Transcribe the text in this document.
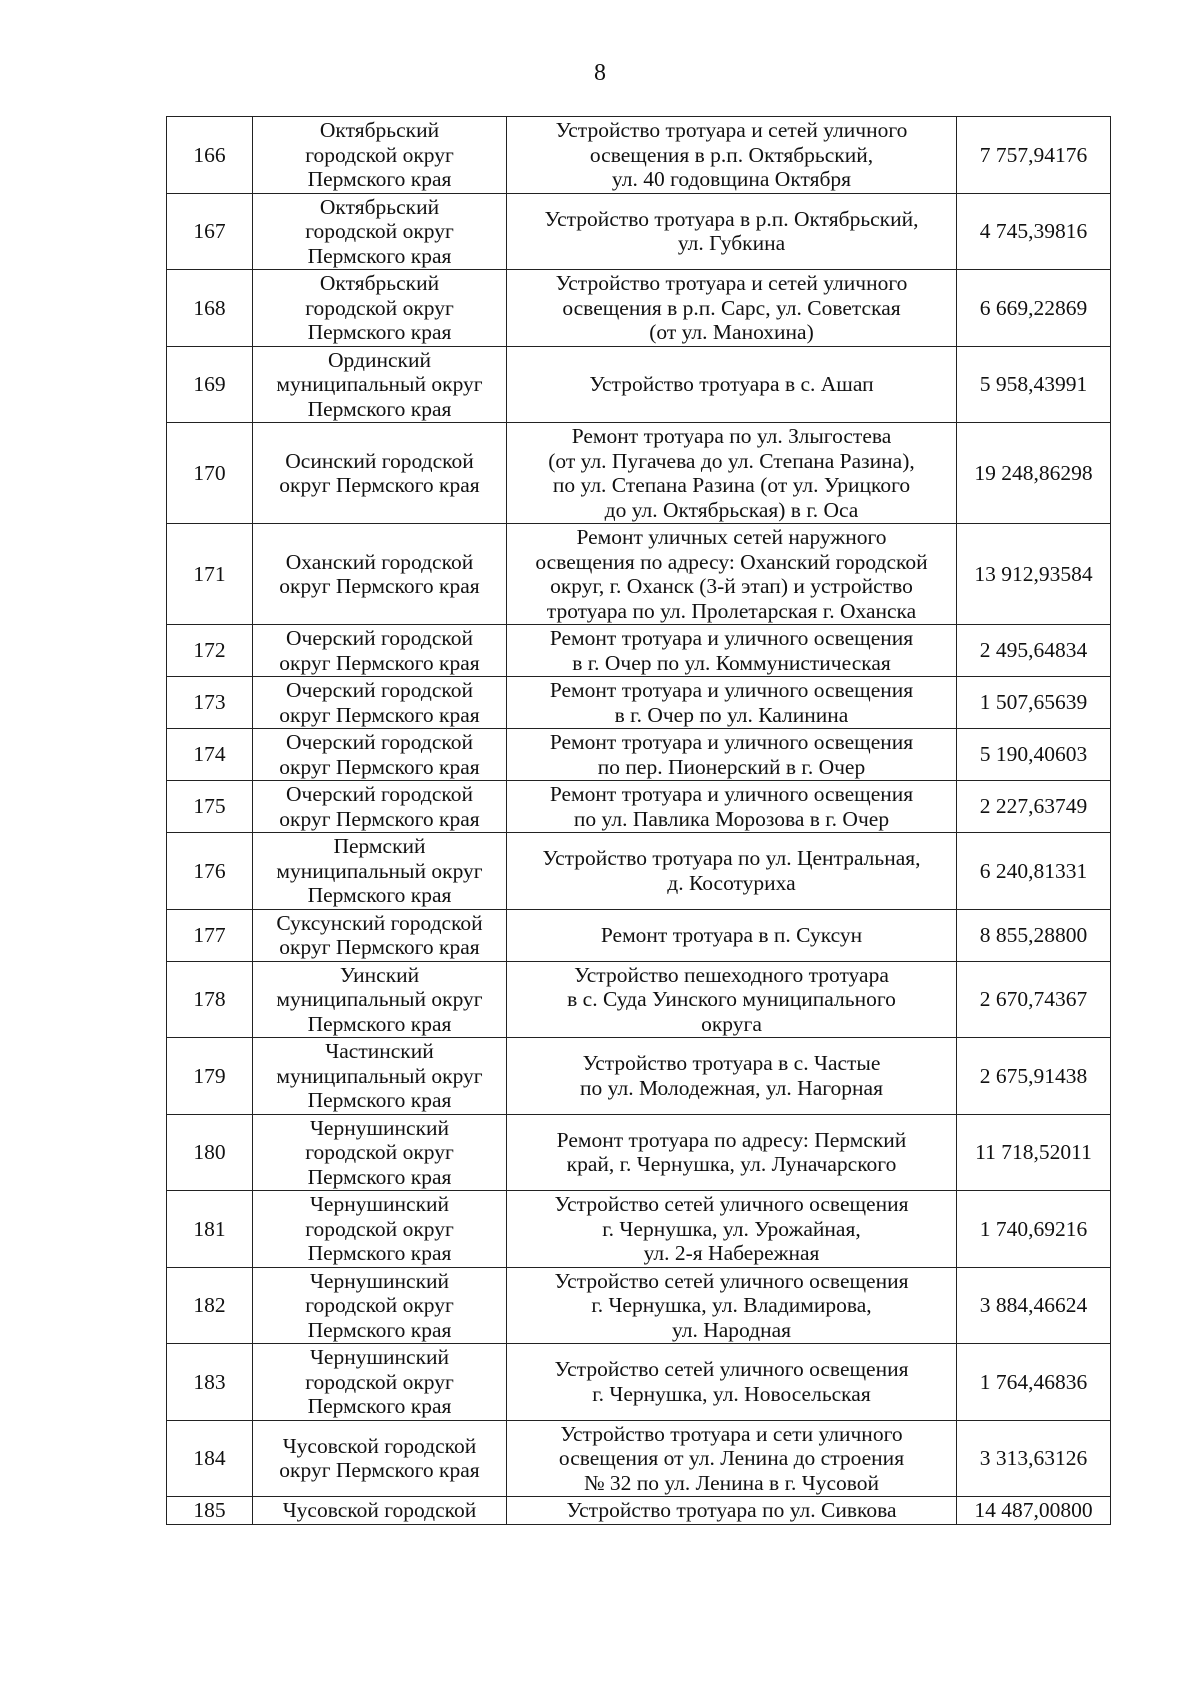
8
166	Октябрьский
городской округ
Пермского края	Устройство тротуара и сетей уличного
освещения в р.п. Октябрьский,
ул. 40 годовщина Октября	7 757,94176
167	Октябрьский
городской округ
Пермского края	Устройство тротуара в р.п. Октябрьский,
ул. Губкина	4 745,39816
168	Октябрьский
городской округ
Пермского края	Устройство тротуара и сетей уличного
освещения в р.п. Сарс, ул. Советская
(от ул. Манохина)	6 669,22869
169	Ординский
муниципальный округ
Пермского края	Устройство тротуара в с. Ашап	5 958,43991
170	Осинский городской
округ Пермского края	Ремонт тротуара по ул. Злыгостева
(от ул. Пугачева до ул. Степана Разина),
по ул. Степана Разина (от ул. Урицкого
до ул. Октябрьская) в г. Оса	19 248,86298
171	Оханский городской
округ Пермского края	Ремонт уличных сетей наружного
освещения по адресу: Оханский городской
округ, г. Оханск (3-й этап) и устройство
тротуара по ул. Пролетарская г. Оханска	13 912,93584
172	Очерский городской
округ Пермского края	Ремонт тротуара и уличного освещения
в г. Очер по ул. Коммунистическая	2 495,64834
173	Очерский городской
округ Пермского края	Ремонт тротуара и уличного освещения
в г. Очер по ул. Калинина	1 507,65639
174	Очерский городской
округ Пермского края	Ремонт тротуара и уличного освещения
по пер. Пионерский в г. Очер	5 190,40603
175	Очерский городской
округ Пермского края	Ремонт тротуара и уличного освещения
по ул. Павлика Морозова в г. Очер	2 227,63749
176	Пермский
муниципальный округ
Пермского края	Устройство тротуара по ул. Центральная,
д. Косотуриха	6 240,81331
177	Суксунский городской
округ Пермского края	Ремонт тротуара в п. Суксун	8 855,28800
178	Уинский
муниципальный округ
Пермского края	Устройство пешеходного тротуара
в с. Суда Уинского муниципального
округа	2 670,74367
179	Частинский
муниципальный округ
Пермского края	Устройство тротуара в с. Частые
по ул. Молодежная, ул. Нагорная	2 675,91438
180	Чернушинский
городской округ
Пермского края	Ремонт тротуара по адресу: Пермский
край, г. Чернушка, ул. Луначарского	11 718,52011
181	Чернушинский
городской округ
Пермского края	Устройство сетей уличного освещения
г. Чернушка, ул. Урожайная,
ул. 2-я Набережная	1 740,69216
182	Чернушинский
городской округ
Пермского края	Устройство сетей уличного освещения
г. Чернушка, ул. Владимирова,
ул. Народная	3 884,46624
183	Чернушинский
городской округ
Пермского края	Устройство сетей уличного освещения
г. Чернушка, ул. Новосельская	1 764,46836
184	Чусовской городской
округ Пермского края	Устройство тротуара и сети уличного
освещения от ул. Ленина до строения
№ 32 по ул. Ленина в г. Чусовой	3 313,63126
185	Чусовской городской	Устройство тротуара по ул. Сивкова	14 487,00800
